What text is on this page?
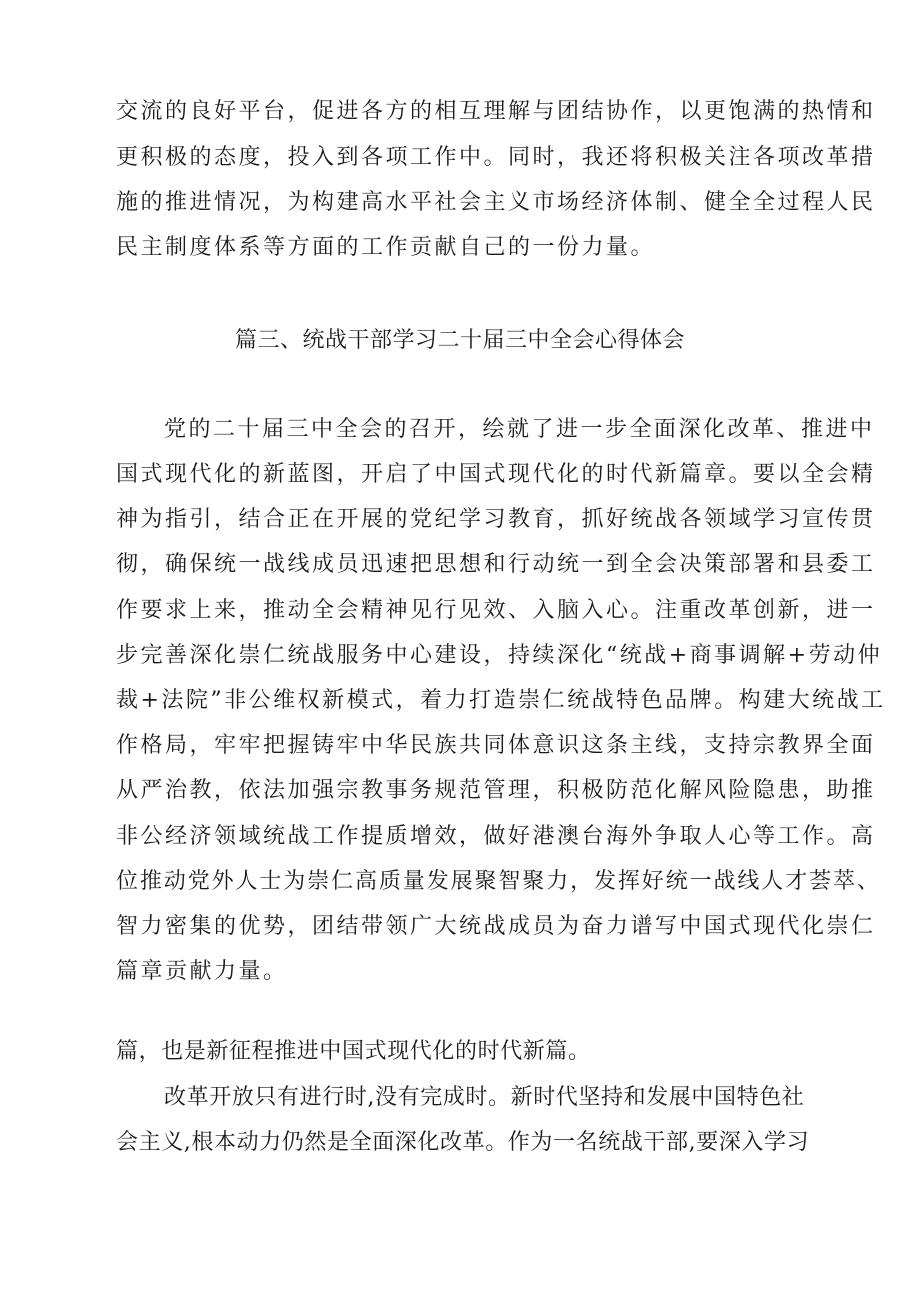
交流的良好平台，促进各方的相互理解与团结协作，以更饱满的热情和
更积极的态度，投入到各项工作中。同时，我还将积极关注各项改革措
施的推进情况，为构建高水平社会主义市场经济体制、健全全过程人民
民主制度体系等方面的工作贡献自己的一份力量。
篇三、统战干部学习二十届三中全会心得体会
党的二十届三中全会的召开，绘就了进一步全面深化改革、推进中
国式现代化的新蓝图，开启了中国式现代化的时代新篇章。要以全会精
神为指引，结合正在开展的党纪学习教育，抓好统战各领域学习宣传贯
彻，确保统一战线成员迅速把思想和行动统一到全会决策部署和县委工
作要求上来，推动全会精神见行见效、入脑入心。注重改革创新，进一
步完善深化崇仁统战服务中心建设，持续深化“统战+商事调解+劳动仲
裁+法院”非公维权新模式，着力打造崇仁统战特色品牌。构建大统战工
作格局，牢牢把握铸牢中华民族共同体意识这条主线，支持宗教界全面
从严治教，依法加强宗教事务规范管理，积极防范化解风险隐患，助推
非公经济领域统战工作提质增效，做好港澳台海外争取人心等工作。高
位推动党外人士为崇仁高质量发展聚智聚力，发挥好统一战线人才荟萃、
智力密集的优势，团结带领广大统战成员为奋力谱写中国式现代化崇仁
篇章贡献力量。
篇，也是新征程推进中国式现代化的时代新篇。
改革开放只有进行时,没有完成时。新时代坚持和发展中国特色社
会主义,根本动力仍然是全面深化改革。作为一名统战干部,要深入学习
